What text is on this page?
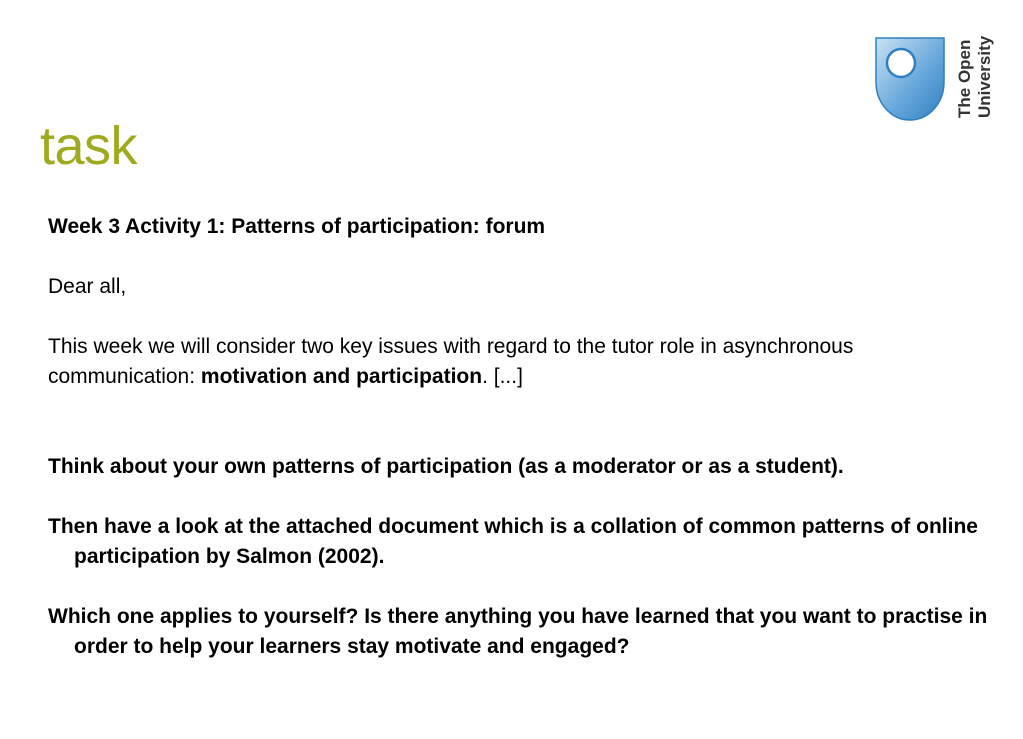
task
The Open University

Week 3 Activity 1: Patterns of participation: forum

Dear all,

This week we will consider two key issues with regard to the tutor role in asynchronous communication: motivation and participation. [...]

Think about your own patterns of participation (as a moderator or as a student).

Then have a look at the attached document which is a collation of common patterns of online participation by Salmon (2002).

Which one applies to yourself? Is there anything you have learned that you want to practise in order to help your learners stay motivate and engaged?
